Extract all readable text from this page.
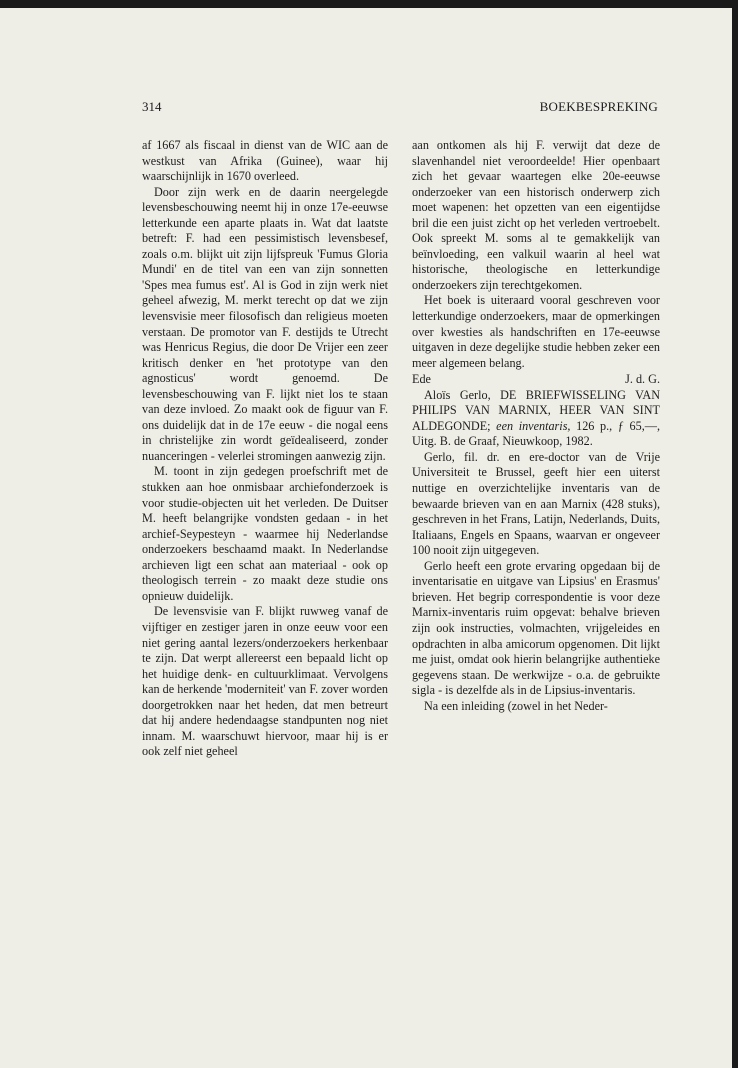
314	BOEKBESPREKING

af 1667 als fiscaal in dienst van de WIC aan de westkust van Afrika (Guinee), waar hij waarschijnlijk in 1670 overleed.

Door zijn werk en de daarin neergelegde levensbeschouwing neemt hij in onze 17e-eeuwse letterkunde een aparte plaats in. Wat dat laatste betreft: F. had een pessimistisch levensbesef, zoals o.m. blijkt uit zijn lijfspreuk 'Fumus Gloria Mundi' en de titel van een van zijn sonnetten 'Spes mea fumus est'. Al is God in zijn werk niet geheel afwezig, M. merkt terecht op dat we zijn levensvisie meer filosofisch dan religieus moeten verstaan. De promotor van F. destijds te Utrecht was Henricus Regius, die door De Vrijer een zeer kritisch denker en 'het prototype van den agnosticus' wordt genoemd. De levensbeschouwing van F. lijkt niet los te staan van deze invloed. Zo maakt ook de figuur van F. ons duidelijk dat in de 17e eeuw - die nogal eens in christelijke zin wordt geïdealiseerd, zonder nuanceringen - velerlei stromingen aanwezig zijn.

M. toont in zijn gedegen proefschrift met de stukken aan hoe onmisbaar archiefonderzoek is voor studie-objecten uit het verleden. De Duitser M. heeft belangrijke vondsten gedaan - in het archief-Seypesteyn - waarmee hij Nederlandse onderzoekers beschaamd maakt. In Nederlandse archieven ligt een schat aan materiaal - ook op theologisch terrein - zo maakt deze studie ons opnieuw duidelijk.

De levensvisie van F. blijkt ruwweg vanaf de vijftiger en zestiger jaren in onze eeuw voor een niet gering aantal lezers/onderzoekers herkenbaar te zijn. Dat werpt allereerst een bepaald licht op het huidige denk- en cultuurklimaat. Vervolgens kan de herkende 'moderniteit' van F. zover worden doorgetrokken naar het heden, dat men betreurt dat hij andere hedendaagse standpunten nog niet innam. M. waarschuwt hiervoor, maar hij is er ook zelf niet geheel

aan ontkomen als hij F. verwijt dat deze de slavenhandel niet veroordeelde! Hier openbaart zich het gevaar waartegen elke 20e-eeuwse onderzoeker van een historisch onderwerp zich moet wapenen: het opzetten van een eigentijdse bril die een juist zicht op het verleden vertroebelt. Ook spreekt M. soms al te gemakkelijk van beïnvloeding, een valkuil waarin al heel wat historische, theologische en letterkundige onderzoekers zijn terechtgekomen.

Het boek is uiteraard vooral geschreven voor letterkundige onderzoekers, maar de opmerkingen over kwesties als handschriften en 17e-eeuwse uitgaven in deze degelijke studie hebben zeker een meer algemeen belang.

Ede	J. d. G.

Aloïs Gerlo, DE BRIEFWISSELING VAN PHILIPS VAN MARNIX, HEER VAN SINT ALDEGONDE; een inventaris, 126 p., ƒ 65,—, Uitg. B. de Graaf, Nieuwkoop, 1982.

Gerlo, fil. dr. en ere-doctor van de Vrije Universiteit te Brussel, geeft hier een uiterst nuttige en overzichtelijke inventaris van de bewaarde brieven van en aan Marnix (428 stuks), geschreven in het Frans, Latijn, Nederlands, Duits, Italiaans, Engels en Spaans, waarvan er ongeveer 100 nooit zijn uitgegeven.

Gerlo heeft een grote ervaring opgedaan bij de inventarisatie en uitgave van Lipsius' en Erasmus' brieven. Het begrip correspondentie is voor deze Marnix-inventaris ruim opgevat: behalve brieven zijn ook instructies, volmachten, vrijgeleides en opdrachten in alba amicorum opgenomen. Dit lijkt me juist, omdat ook hierin belangrijke authentieke gegevens staan. De werkwijze - o.a. de gebruikte sigla - is dezelfde als in de Lipsius-inventaris.

Na een inleiding (zowel in het Neder-
